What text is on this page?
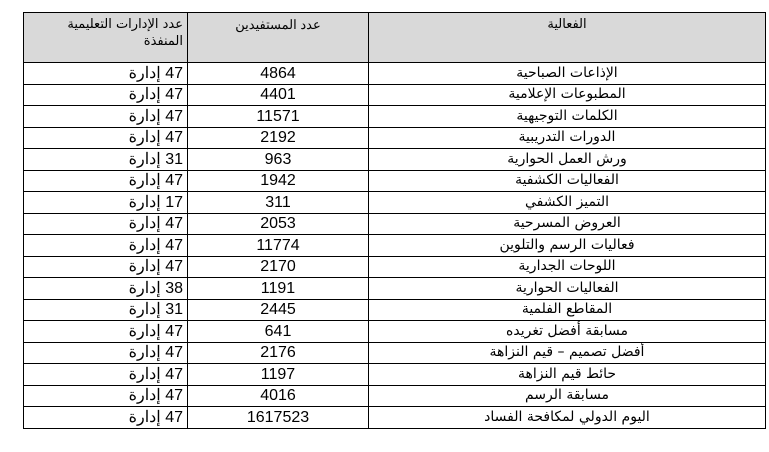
الفعالية	عدد المستفيدين	عدد الإدارات التعليمية المنفذة
الإذاعات الصباحية	4864	47 إدارة
المطبوعات الإعلامية	4401	47 إدارة
الكلمات التوجيهية	11571	47 إدارة
الدورات التدريبية	2192	47 إدارة
ورش العمل الحوارية	963	31 إدارة
الفعاليات الكشفية	1942	47 إدارة
التميز الكشفي	311	17 إدارة
العروض المسرحية	2053	47 إدارة
فعاليات الرسم والتلوين	11774	47 إدارة
اللوحات الجدارية	2170	47 إدارة
الفعاليات الحوارية	1191	38 إدارة
المقاطع الفلمية	2445	31 إدارة
مسابقة أفضل تغريده	641	47 إدارة
أفضل تصميم – قيم النزاهة	2176	47 إدارة
حائط قيم النزاهة	1197	47 إدارة
مسابقة الرسم	4016	47 إدارة
اليوم الدولي لمكافحة الفساد	1617523	47 إدارة
